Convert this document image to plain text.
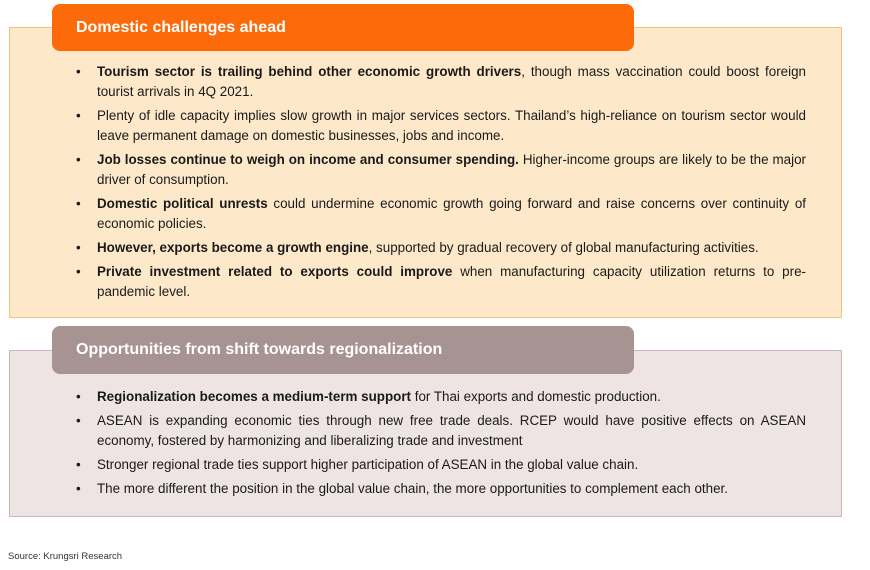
Domestic challenges ahead
• Tourism sector is trailing behind other economic growth drivers, though mass vaccination could boost foreign tourist arrivals in 4Q 2021.
• Plenty of idle capacity implies slow growth in major services sectors. Thailand’s high-reliance on tourism sector would leave permanent damage on domestic businesses, jobs and income.
• Job losses continue to weigh on income and consumer spending. Higher-income groups are likely to be the major driver of consumption.
• Domestic political unrests could undermine economic growth going forward and raise concerns over continuity of economic policies.
• However, exports become a growth engine, supported by gradual recovery of global manufacturing activities.
• Private investment related to exports could improve when manufacturing capacity utilization returns to pre-pandemic level.
Opportunities from shift towards regionalization
• Regionalization becomes a medium-term support for Thai exports and domestic production.
• ASEAN is expanding economic ties through new free trade deals. RCEP would have positive effects on ASEAN economy, fostered by harmonizing and liberalizing trade and investment
• Stronger regional trade ties support higher participation of ASEAN in the global value chain.
• The more different the position in the global value chain, the more opportunities to complement each other.
Source: Krungsri Research
